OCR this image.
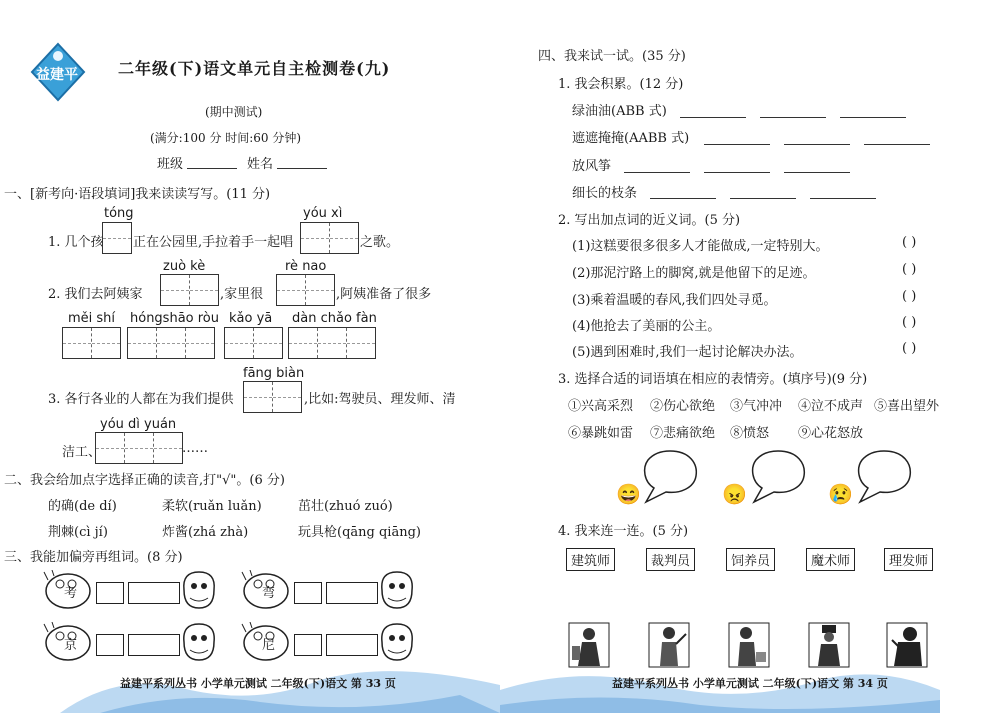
益建平	二年级(下)语文单元自主检测卷(九)
(期中测试)
(满分:100 分 时间:60 分钟)
班级	姓名
一、[新考向·语段填词]我来读读写写。(11 分)
tóng	yóu xì
1. 几个孩 正在公园里,手拉着手一起唱	之歌。
zuò kè	rè nao
2. 我们去阿姨家	,家里很	,阿姨准备了很多
měi shí hóngshāo ròu kǎo yā dàn chǎo fàn
fāng biàn
3. 各行各业的人都在为我们提供	,比如:驾驶员、理发师、清
yóu dì yuán
洁工、	……
二、我会给加点字选择正确的读音,打"√"。(6 分)
的确(de dí)	柔软(ruǎn luǎn)	茁壮(zhuó zuó)
荆棘(cì jí)	炸酱(zhá zhà)	玩具枪(qāng qiāng)
三、我能加偏旁再组词。(8 分)
考	弯
京	尼
益建平系列丛书 小学单元测试 二年级(下)语文 第 33 页
四、我来试一试。(35 分)
1. 我会积累。(12 分)
绿油油(ABB 式)
遮遮掩掩(AABB 式)
放风筝
细长的枝条
2. 写出加点词的近义词。(5 分)
(1)这糕要很多很多人才能做成,一定特别大。	( )
(2)那泥泞路上的脚窝,就是他留下的足迹。	( )
(3)乘着温暖的春风,我们四处寻觅。	( )
(4)他抢去了美丽的公主。	( )
(5)遇到困难时,我们一起讨论解决办法。	( )
3. 选择合适的词语填在相应的表情旁。(填序号)(9 分)
①兴高采烈 ②伤心欲绝 ③气冲冲 ④泣不成声 ⑤喜出望外
⑥暴跳如雷 ⑦悲痛欲绝 ⑧愤怒 ⑨心花怒放
😄	😠	😢
4. 我来连一连。(5 分)
建筑师	裁判员	饲养员	魔术师	理发师
益建平系列丛书 小学单元测试 二年级(下)语文 第 34 页
